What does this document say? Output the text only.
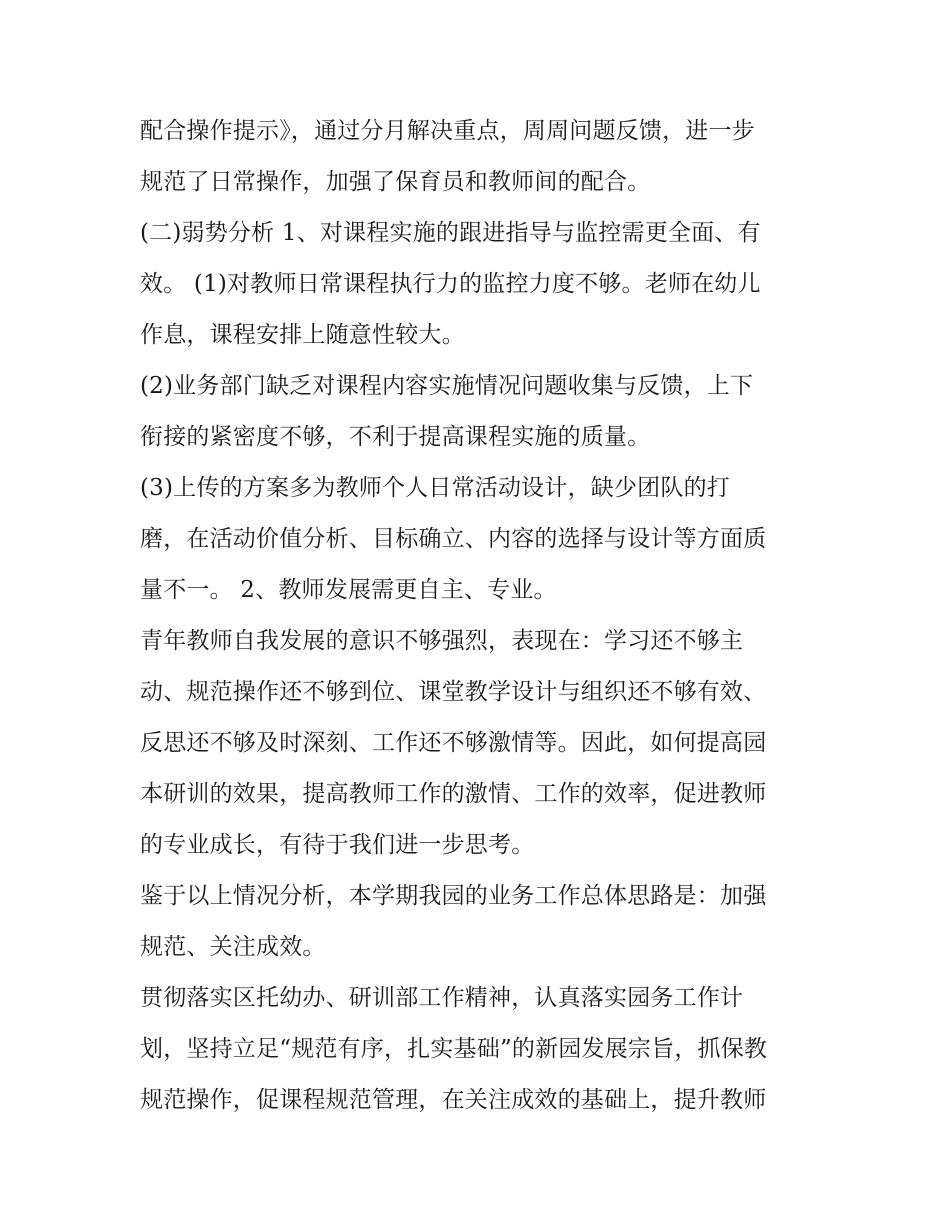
配合操作提示》，通过分月解决重点，周周问题反馈，进一步
规范了日常操作，加强了保育员和教师间的配合。
(二)弱势分析 1、对课程实施的跟进指导与监控需更全面、有
效。 (1)对教师日常课程执行力的监控力度不够。老师在幼儿
作息，课程安排上随意性较大。
(2)业务部门缺乏对课程内容实施情况问题收集与反馈，上下
衔接的紧密度不够，不利于提高课程实施的质量。
(3)上传的方案多为教师个人日常活动设计，缺少团队的打
磨，在活动价值分析、目标确立、内容的选择与设计等方面质
量不一。 2、教师发展需更自主、专业。
青年教师自我发展的意识不够强烈，表现在：学习还不够主
动、规范操作还不够到位、课堂教学设计与组织还不够有效、
反思还不够及时深刻、工作还不够激情等。因此，如何提高园
本研训的效果，提高教师工作的激情、工作的效率，促进教师
的专业成长，有待于我们进一步思考。
鉴于以上情况分析，本学期我园的业务工作总体思路是：加强
规范、关注成效。
贯彻落实区托幼办、研训部工作精神，认真落实园务工作计
划，坚持立足“规范有序，扎实基础”的新园发展宗旨，抓保教
规范操作，促课程规范管理，在关注成效的基础上，提升教师
